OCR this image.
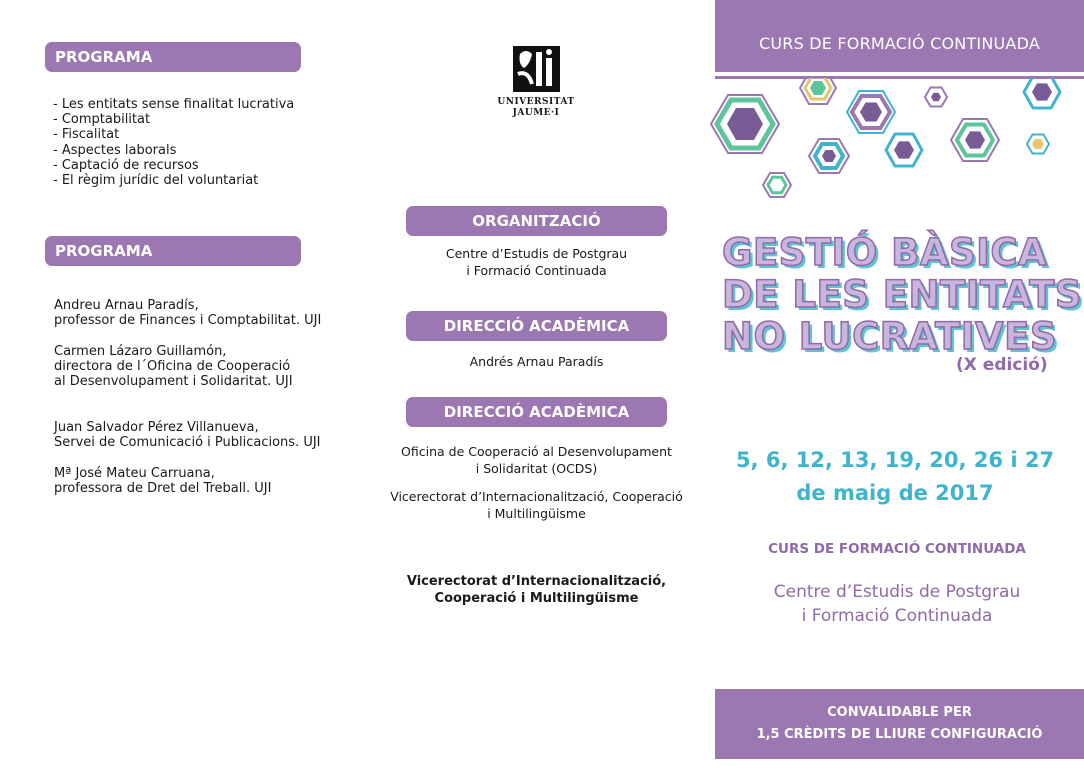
PROGRAMA
- Les entitats sense finalitat lucrativa
- Comptabilitat
- Fiscalitat
- Aspectes laborals
- Captació de recursos
- El règim jurídic del voluntariat
PROGRAMA
Andreu Arnau Paradís,
professor de Finances i Comptabilitat. UJI
Carmen Lázaro Guillamón,
directora de l´Oficina de Cooperació
al Desenvolupament i Solidaritat. UJI
Juan Salvador Pérez Villanueva,
Servei de Comunicació i Publicacions. UJI
Mª José Mateu Carruana,
professora de Dret del Treball. UJI
UNIVERSITAT
JAUME·I
ORGANITZACIÓ
Centre d’Estudis de Postgrau
i Formació Continuada
DIRECCIÓ ACADÈMICA
Andrés Arnau Paradís
DIRECCIÓ ACADÈMICA
Oficina de Cooperació al Desenvolupament
i Solidaritat (OCDS)
Vicerectorat d’Internacionalització, Cooperació
i Multilingüisme
Vicerectorat d’Internacionalització,
Cooperació i Multilingüisme
CURS DE FORMACIÓ CONTINUADA
GESTIÓ BÀSICA
DE LES ENTITATS
NO LUCRATIVES
(X edició)
5, 6, 12, 13, 19, 20, 26 i 27
de maig de 2017
CURS DE FORMACIÓ CONTINUADA
Centre d’Estudis de Postgrau
i Formació Continuada
CONVALIDABLE PER
1,5 CRÈDITS DE LLIURE CONFIGURACIÓ
